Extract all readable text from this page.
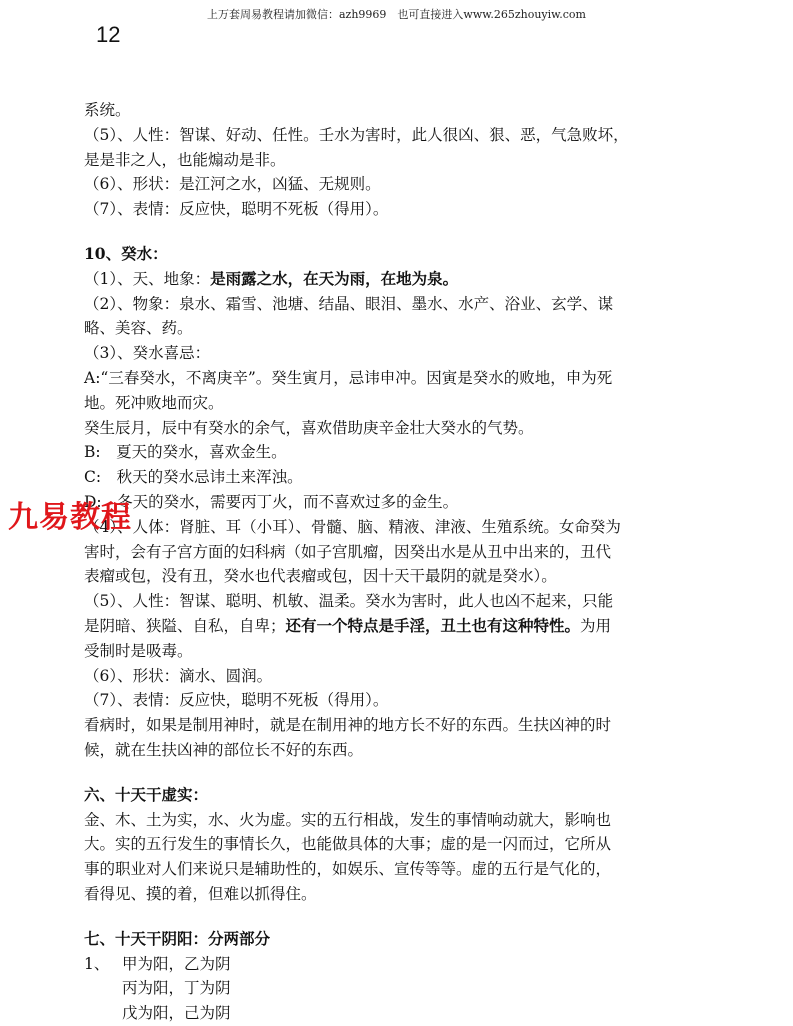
上万套周易教程请加微信：azh9969　也可直接进入www.265zhouyiw.com
12
九易教程
系统。
（5）、人性：智谋、好动、任性。壬水为害时，此人很凶、狠、恶，气急败坏，
是是非之人，也能煽动是非。
（6）、形状：是江河之水，凶猛、无规则。
（7）、表情：反应快，聪明不死板（得用）。
10、癸水：
（1）、天、地象：是雨露之水，在天为雨，在地为泉。
（2）、物象：泉水、霜雪、池塘、结晶、眼泪、墨水、水产、浴业、玄学、谋
略、美容、药。
（3）、癸水喜忌：
A:“三春癸水，不离庚辛”。癸生寅月，忌讳申冲。因寅是癸水的败地，申为死
地。死冲败地而灾。
癸生辰月，辰中有癸水的余气，喜欢借助庚辛金壮大癸水的气势。
B:　夏天的癸水，喜欢金生。
C:　秋天的癸水忌讳土来浑浊。
D:　冬天的癸水，需要丙丁火，而不喜欢过多的金生。
（4）、人体：肾脏、耳（小耳）、骨髓、脑、精液、津液、生殖系统。女命癸为
害时，会有子宫方面的妇科病（如子宫肌瘤，因癸出水是从丑中出来的，丑代
表瘤或包，没有丑，癸水也代表瘤或包，因十天干最阴的就是癸水）。
（5）、人性：智谋、聪明、机敏、温柔。癸水为害时，此人也凶不起来，只能
是阴暗、狭隘、自私，自卑；还有一个特点是手淫，丑土也有这种特性。为用
受制时是吸毒。
（6）、形状：滴水、圆润。
（7）、表情：反应快，聪明不死板（得用）。
看病时，如果是制用神时，就是在制用神的地方长不好的东西。生扶凶神的时
候，就在生扶凶神的部位长不好的东西。
六、十天干虚实：
金、木、土为实，水、火为虚。实的五行相战，发生的事情响动就大，影响也
大。实的五行发生的事情长久，也能做具体的大事；虚的是一闪而过，它所从
事的职业对人们来说只是辅助性的，如娱乐、宣传等等。虚的五行是气化的，
看得见、摸的着，但难以抓得住。
七、十天干阴阳：分两部分
1、 甲为阳，乙为阴
丙为阳，丁为阴
戊为阳，己为阴
